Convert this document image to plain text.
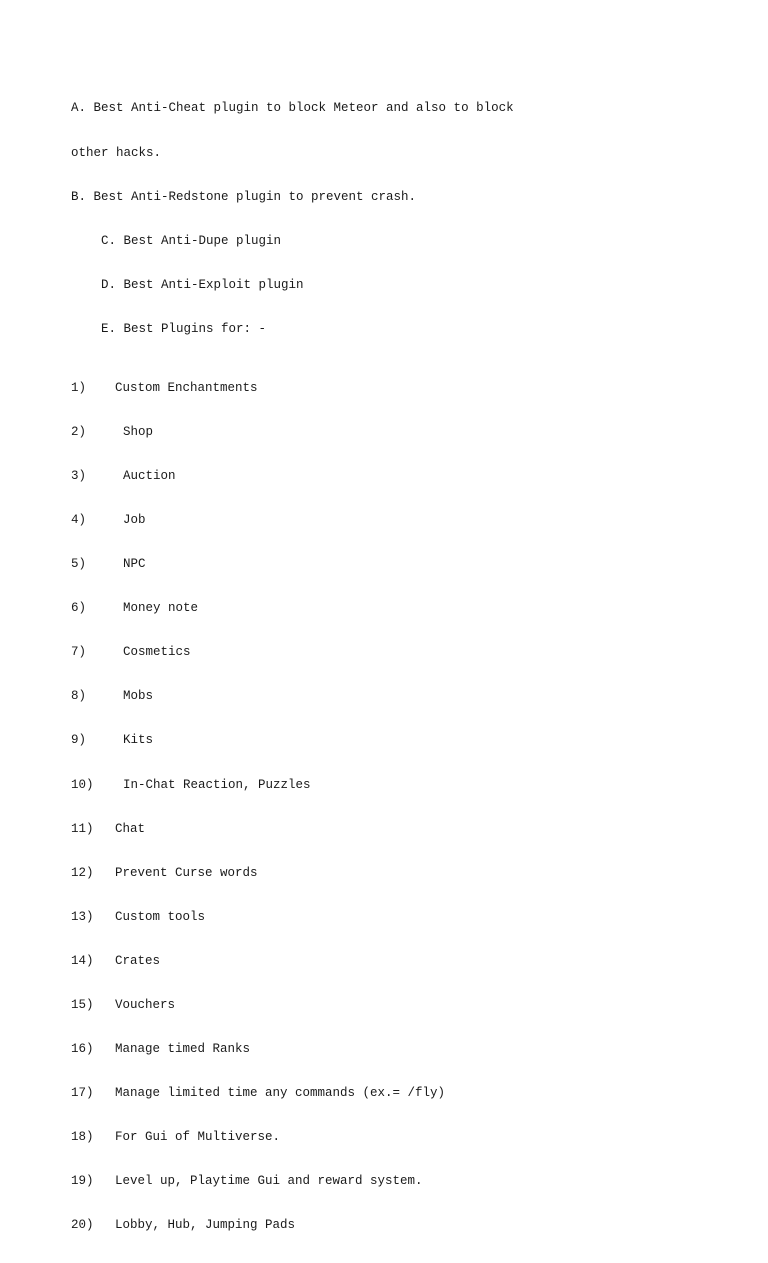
A. Best Anti-Cheat plugin to block Meteor and also to block

other hacks.

B. Best Anti-Redstone plugin to prevent crash.

C. Best Anti-Dupe plugin

D. Best Anti-Exploit plugin

E. Best Plugins for: -

1) Custom Enchantments

2)	Shop

3)	Auction

4)	Job

5)	NPC

6)	Money note

7)	Cosmetics

8)	Mobs

9)	Kits

10) In-Chat Reaction, Puzzles

11) Chat

12) Prevent Curse words

13) Custom tools

14) Crates

15) Vouchers

16) Manage timed Ranks

17) Manage limited time any commands (ex.= /fly)

18) For Gui of Multiverse.

19) Level up, Playtime Gui and reward system.

20) Lobby, Hub, Jumping Pads
